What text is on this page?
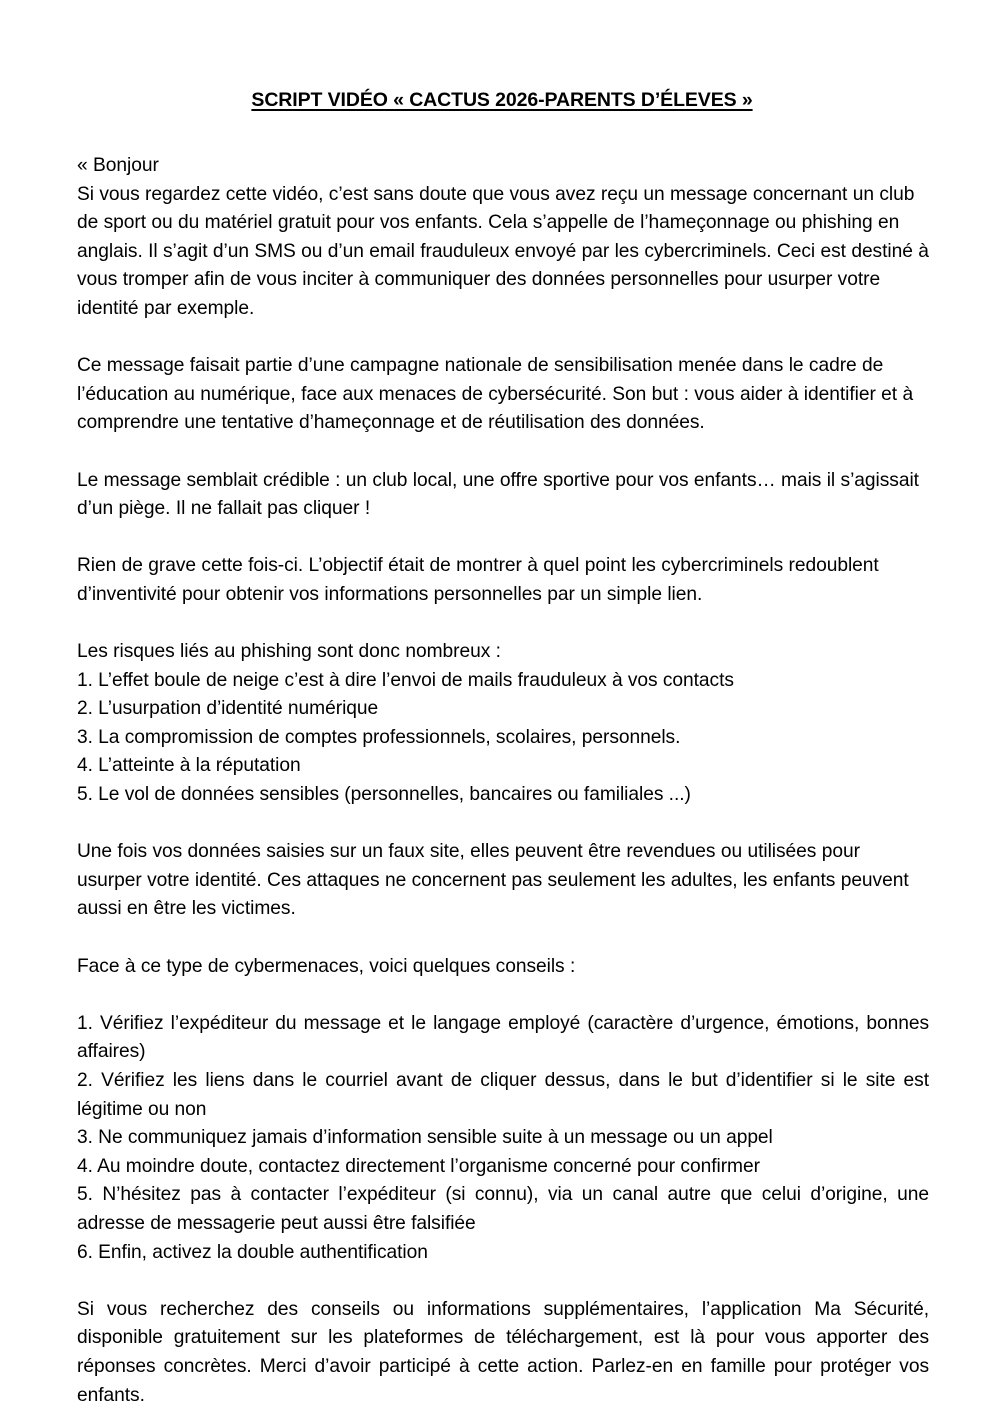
SCRIPT VIDÉO « CACTUS 2026-PARENTS D’ÉLEVES »

« Bonjour

Si vous regardez cette vidéo, c’est sans doute que vous avez reçu un message concernant un club de sport ou du matériel gratuit pour vos enfants. Cela s’appelle de l’hameçonnage ou phishing en anglais. Il s’agit d’un SMS ou d’un email frauduleux envoyé par les cybercriminels. Ceci est destiné à vous tromper afin de vous inciter à communiquer des données personnelles pour usurper votre identité par exemple.

Ce message faisait partie d’une campagne nationale de sensibilisation menée dans le cadre de l’éducation au numérique, face aux menaces de cybersécurité. Son but : vous aider à identifier et à comprendre une tentative d’hameçonnage et de réutilisation des données.

Le message semblait crédible : un club local, une offre sportive pour vos enfants… mais il s’agissait d’un piège. Il ne fallait pas cliquer !

Rien de grave cette fois-ci. L’objectif était de montrer à quel point les cybercriminels redoublent d’inventivité pour obtenir vos informations personnelles par un simple lien.

Les risques liés au phishing sont donc nombreux :

1. L’effet boule de neige c’est à dire l’envoi de mails frauduleux à vos contacts
2. L’usurpation d’identité numérique
3. La compromission de comptes professionnels, scolaires, personnels.
4. L’atteinte à la réputation
5. Le vol de données sensibles (personnelles, bancaires ou familiales ...)

Une fois vos données saisies sur un faux site, elles peuvent être revendues ou utilisées pour usurper votre identité. Ces attaques ne concernent pas seulement les adultes, les enfants peuvent aussi en être les victimes.

Face à ce type de cybermenaces, voici quelques conseils :

1. Vérifiez l’expéditeur du message et le langage employé (caractère d’urgence, émotions, bonnes affaires)
2. Vérifiez les liens dans le courriel avant de cliquer dessus, dans le but d’identifier si le site est légitime ou non
3. Ne communiquez jamais d’information sensible suite à un message ou un appel
4. Au moindre doute, contactez directement l’organisme concerné pour confirmer
5. N’hésitez pas à contacter l’expéditeur (si connu), via un canal autre que celui d’origine, une adresse de messagerie peut aussi être falsifiée
6. Enfin, activez la double authentification

Si vous recherchez des conseils ou informations supplémentaires, l’application Ma Sécurité, disponible gratuitement sur les plateformes de téléchargement, est là pour vous apporter des réponses concrètes. Merci d’avoir participé à cette action. Parlez-en en famille pour protéger vos enfants.
